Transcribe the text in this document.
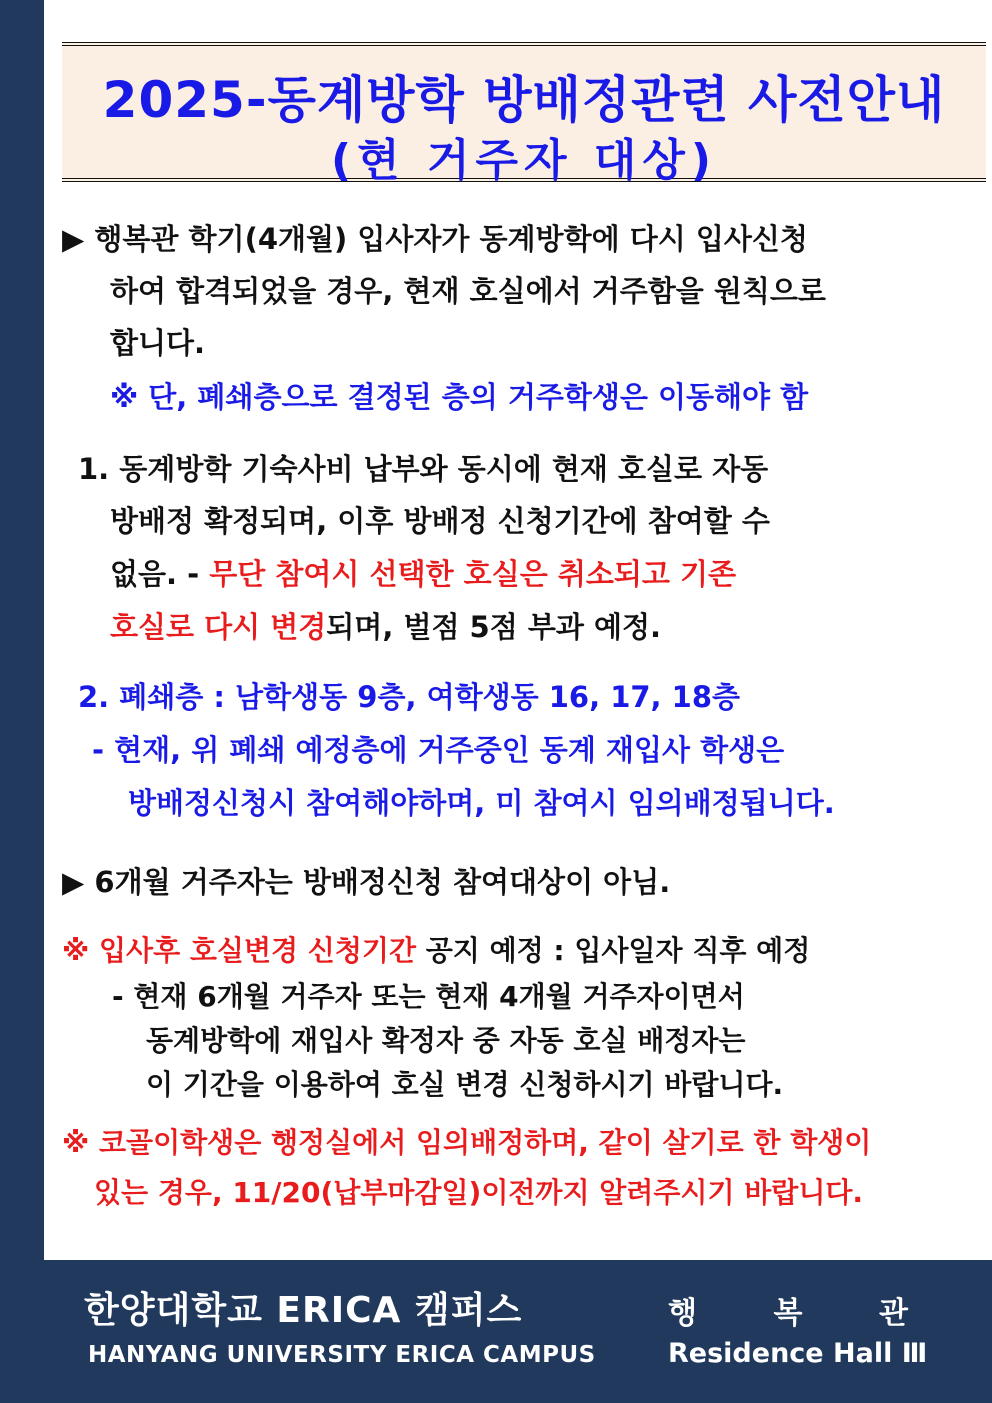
2025-동계방학 방배정관련 사전안내
(현 거주자 대상)
▶ 행복관 학기(4개월) 입사자가 동계방학에 다시 입사신청
하여 합격되었을 경우, 현재 호실에서 거주함을 원칙으로
합니다.
※ 단, 폐쇄층으로 결정된 층의 거주학생은 이동해야 함
1. 동계방학 기숙사비 납부와 동시에 현재 호실로 자동
방배정 확정되며, 이후 방배정 신청기간에 참여할 수
없음. - 무단 참여시 선택한 호실은 취소되고 기존
호실로 다시 변경되며, 벌점 5점 부과 예정.
2. 폐쇄층 : 남학생동 9층, 여학생동 16, 17, 18층
- 현재, 위 폐쇄 예정층에 거주중인 동계 재입사 학생은
방배정신청시 참여해야하며, 미 참여시 임의배정됩니다.
▶ 6개월 거주자는 방배정신청 참여대상이 아님.
※ 입사후 호실변경 신청기간 공지 예정 : 입사일자 직후 예정
- 현재 6개월 거주자 또는 현재 4개월 거주자이면서
동계방학에 재입사 확정자 중 자동 호실 배정자는
이 기간을 이용하여 호실 변경 신청하시기 바랍니다.
※ 코골이학생은 행정실에서 임의배정하며, 같이 살기로 한 학생이
있는 경우, 11/20(납부마감일)이전까지 알려주시기 바랍니다.
한양대학교 ERICA 캠퍼스
HANYANG UNIVERSITY ERICA CAMPUS
행	복	관
Residence Hall Ⅲ
